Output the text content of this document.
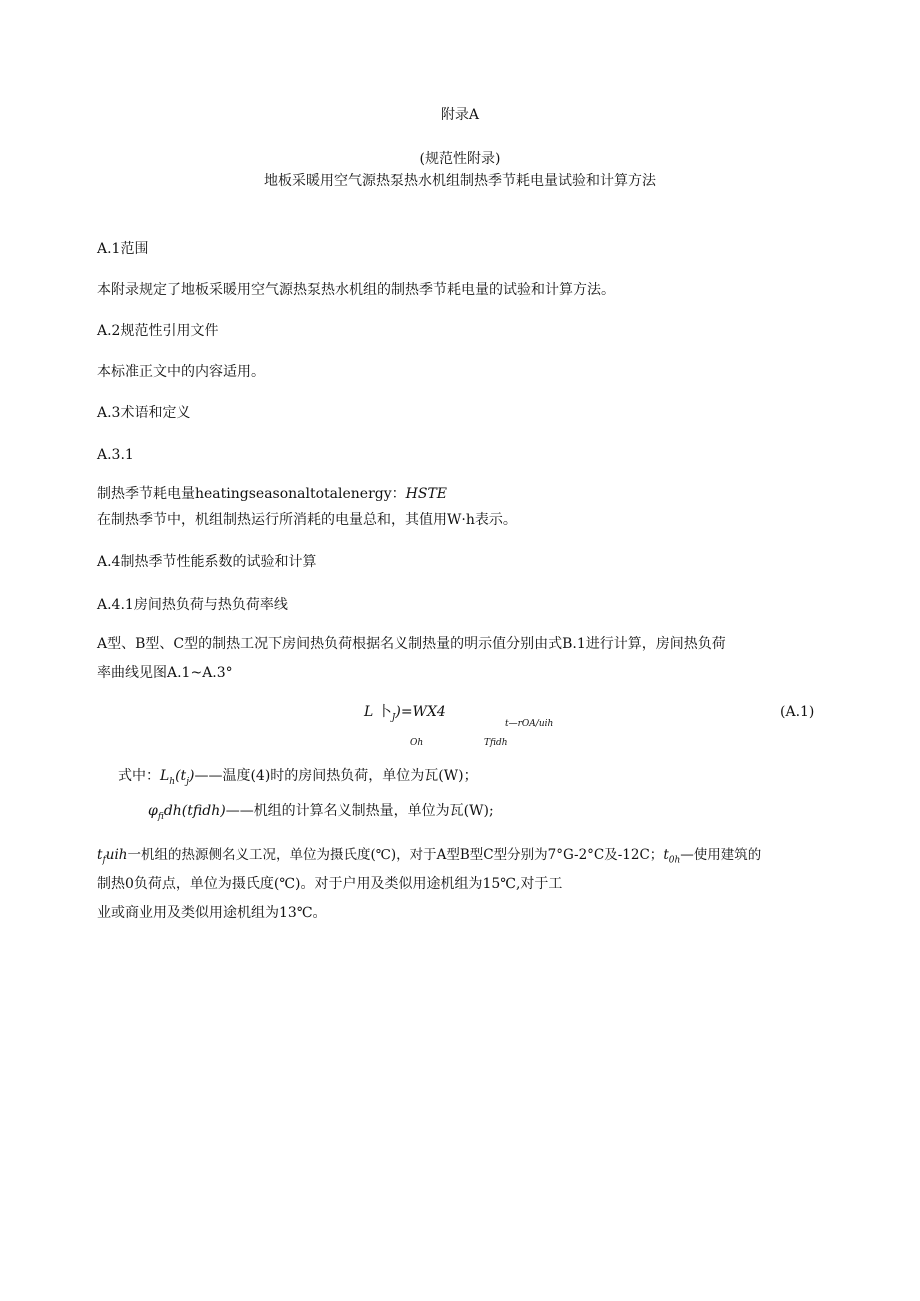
附录A
(规范性附录)
地板采暖用空气源热泵热水机组制热季节耗电量试验和计算方法
A.1范围
本附录规定了地板采暖用空气源热泵热水机组的制热季节耗电量的试验和计算方法。
A.2规范性引用文件
本标准正文中的内容适用。
A.3术语和定义
A.3.1
制热季节耗电量heatingseasonaltotalenergy：HSTE
在制热季节中，机组制热运行所消耗的电量总和，其值用W·h表示。
A.4制热季节性能系数的试验和计算
A.4.1房间热负荷与热负荷率线
A型、B型、C型的制热工况下房间热负荷根据名义制热量的明示值分别由式B.1进行计算，房间热负荷
率曲线见图A.1~A.3°
L 卜$_J$)=WX4
t—rOA/uih
Oh	Tfidh
(A.1)
式中：$L_h(t_j)——$温度(4)时的房间热负荷，单位为瓦(W)；
$\varphi_{fi}dh(tfidh)——$机组的计算名义制热量，单位为瓦(W);
$t_fuih$一机组的热源侧名义工况，单位为摄氏度(℃)，对于A型B型C型分别为7°G-2°C及-12C；$t_{0h}—$使用建筑的
制热0负荷点，单位为摄氏度(℃)。对于户用及类似用途机组为15℃,对于工
业或商业用及类似用途机组为13℃。
